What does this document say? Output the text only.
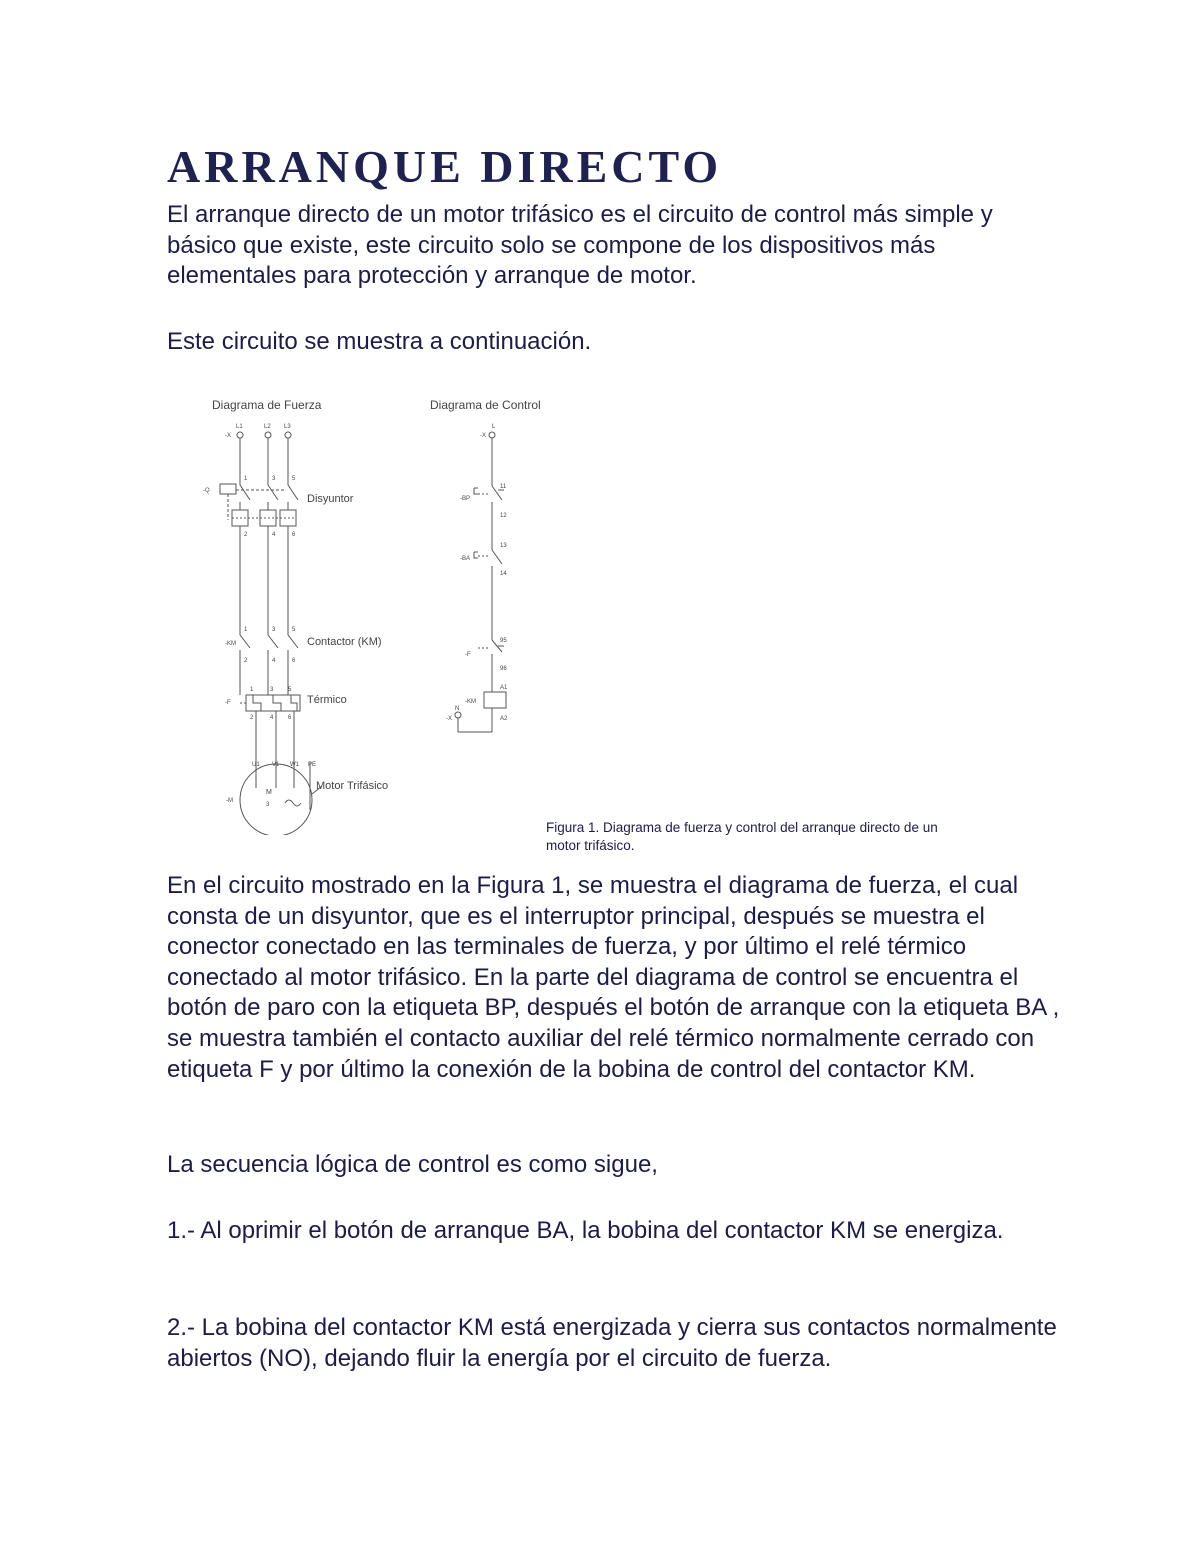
ARRANQUE DIRECTO

El arranque directo de un motor trifásico es el circuito de control más simple y básico que existe, este circuito solo se compone de los dispositivos más elementales para protección y arranque de motor.

Este circuito se muestra a continuación.

Diagrama de Fuerza	Diagrama de Control
L1	L2 L3
-X
1	3	5
-Q
Disyuntor
2	4	6
1	3	5
-KM	Contactor (KM)
2	4	6
1	3 5
-F	Térmico
2	4 6
U1 V1 W1 PE
M
3
-M
Motor Trifásico
L
-X
-BP
11
12
-BA
13
14
-F
95
96
-KM
A1
A2
N
-X

Figura 1. Diagrama de fuerza y control del arranque directo de un
motor trifásico.

En el circuito mostrado en la Figura 1, se muestra el diagrama de fuerza, el cual consta de un disyuntor, que es el interruptor principal, después se muestra el conector conectado en las terminales de fuerza, y por último el relé térmico conectado al motor trifásico. En la parte del diagrama de control se encuentra el botón de paro con la etiqueta BP, después el botón de arranque con la etiqueta BA , se muestra también el contacto auxiliar del relé térmico normalmente cerrado con etiqueta F y por último la conexión de la bobina de control del contactor KM.

La secuencia lógica de control es como sigue,

1.- Al oprimir el botón de arranque BA, la bobina del contactor KM se energiza.

2.- La bobina del contactor KM está energizada y cierra sus contactos normalmente abiertos (NO), dejando fluir la energía por el circuito de fuerza.
